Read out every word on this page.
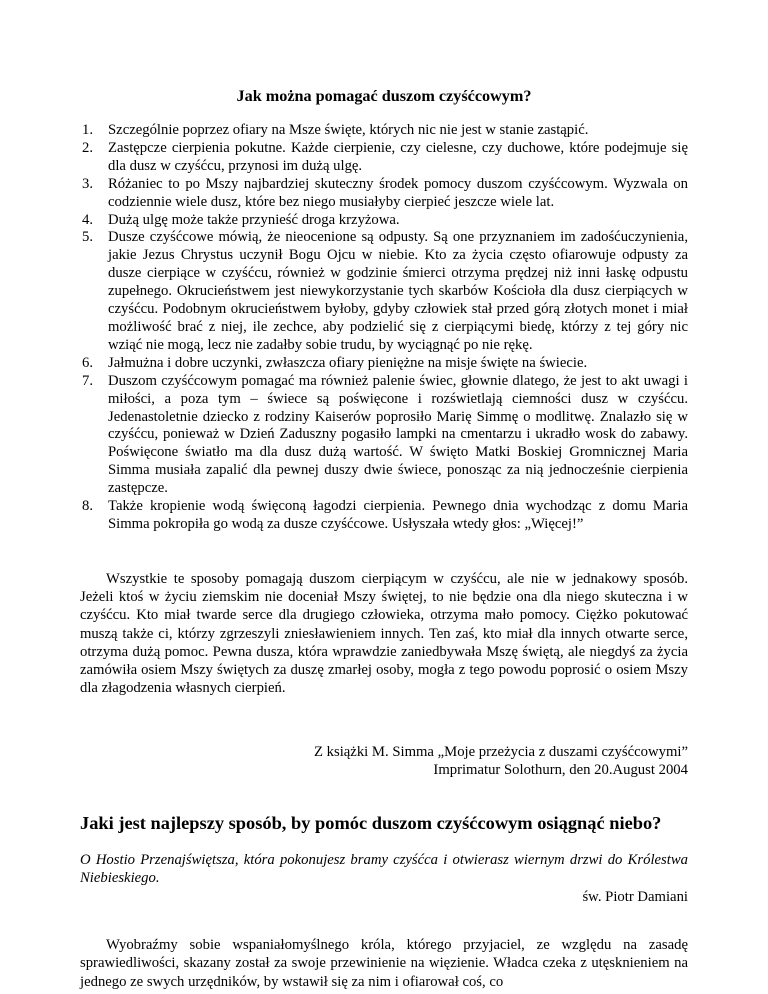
Jak można pomagać duszom czyśćcowym?
1. Szczególnie poprzez ofiary na Msze święte, których nic nie jest w stanie zastąpić.
2. Zastępcze cierpienia pokutne. Każde cierpienie, czy cielesne, czy duchowe, które podejmuje się dla dusz w czyśćcu, przynosi im dużą ulgę.
3. Różaniec to po Mszy najbardziej skuteczny środek pomocy duszom czyśćcowym. Wyzwala on codziennie wiele dusz, które bez niego musiałyby cierpieć jeszcze wiele lat.
4. Dużą ulgę może także przynieść droga krzyżowa.
5. Dusze czyśćcowe mówią, że nieocenione są odpusty. Są one przyznaniem im zadośćuczynienia, jakie Jezus Chrystus uczynił Bogu Ojcu w niebie. Kto za życia często ofiarowuje odpusty za dusze cierpiące w czyśćcu, również w godzinie śmierci otrzyma prędzej niż inni łaskę odpustu zupełnego. Okrucieństwem jest niewykorzystanie tych skarbów Kościoła dla dusz cierpiących w czyśćcu. Podobnym okrucieństwem byłoby, gdyby człowiek stał przed górą złotych monet i miał możliwość brać z niej, ile zechce, aby podzielić się z cierpiącymi biedę, którzy z tej góry nic wziąć nie mogą, lecz nie zadałby sobie trudu, by wyciągnąć po nie rękę.
6. Jałmużna i dobre uczynki, zwłaszcza ofiary pieniężne na misje święte na świecie.
7. Duszom czyśćcowym pomagać ma również palenie świec, głownie dlatego, że jest to akt uwagi i miłości, a poza tym – świece są poświęcone i rozświetlają ciemności dusz w czyśćcu. Jedenastoletnie dziecko z rodziny Kaiserów poprosiło Marię Simmę o modlitwę. Znalazło się w czyśćcu, ponieważ w Dzień Zaduszny pogasiło lampki na cmentarzu i ukradło wosk do zabawy. Poświęcone światło ma dla dusz dużą wartość. W święto Matki Boskiej Gromnicznej Maria Simma musiała zapalić dla pewnej duszy dwie świece, ponosząc za nią jednocześnie cierpienia zastępcze.
8. Także kropienie wodą święconą łagodzi cierpienia. Pewnego dnia wychodząc z domu Maria Simma pokropiła go wodą za dusze czyśćcowe. Usłyszała wtedy głos: „Więcej!”

Wszystkie te sposoby pomagają duszom cierpiącym w czyśćcu, ale nie w jednakowy sposób. Jeżeli ktoś w życiu ziemskim nie doceniał Mszy świętej, to nie będzie ona dla niego skuteczna i w czyśćcu. Kto miał twarde serce dla drugiego człowieka, otrzyma mało pomocy. Ciężko pokutować muszą także ci, którzy zgrzeszyli zniesławieniem innych. Ten zaś, kto miał dla innych otwarte serce, otrzyma dużą pomoc. Pewna dusza, która wprawdzie zaniedbywała Mszę świętą, ale niegdyś za życia zamówiła osiem Mszy świętych za duszę zmarłej osoby, mogła z tego powodu poprosić o osiem Mszy dla złagodzenia własnych cierpień.

Z książki M. Simma „Moje przeżycia z duszami czyśćcowymi”

Imprimatur Solothurn, den 20.August 2004

Jaki jest najlepszy sposób, by pomóc duszom czyśćcowym osiągnąć niebo?

O Hostio Przenajświętsza, która pokonujesz bramy czyśćca i otwierasz wiernym drzwi do Królestwa Niebieskiego.

św. Piotr Damiani

Wyobraźmy sobie wspaniałomyślnego króla, którego przyjaciel, ze względu na zasadę sprawiedliwości, skazany został za swoje przewinienie na więzienie. Władca czeka z utęsknieniem na jednego ze swych urzędników, by wstawił się za nim i ofiarował coś, co
